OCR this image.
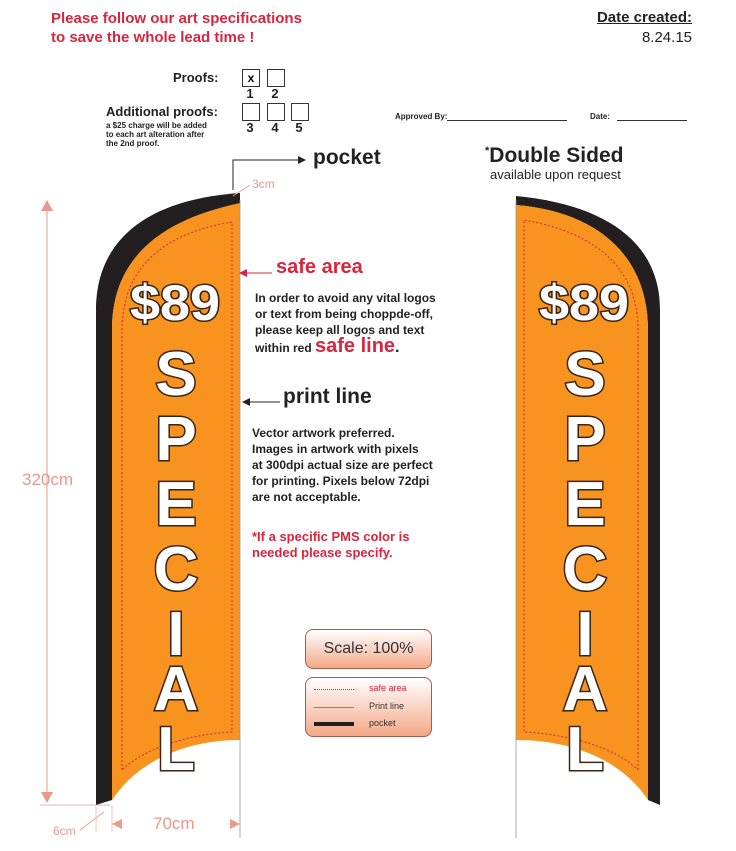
Please follow our art specifications
to save the whole lead time !
Date created:
8.24.15
Proofs:	x
1	2
Additional proofs:
a $25 charge will be added
to each art alteration after
the 2nd proof.
3	4	5
Approved By:	Date:
pocket	*Double Sided
available upon request
safe area
In order to avoid any vital logos
or text from being choppde-off,
please keep all logos and text
within red safe line.
print line
Vector artwork preferred.
Images in artwork with pixels
at 300dpi actual size are perfect
for printing. Pixels below 72dpi
are not acceptable.
*If a specific PMS color is
needed please specify.
Scale: 100%
safe area
Print line
pocket
320cm
70cm
6cm
3cm
$89
S
P
E
C
I
A
L
$89
S
P
E
C
I
A
L
